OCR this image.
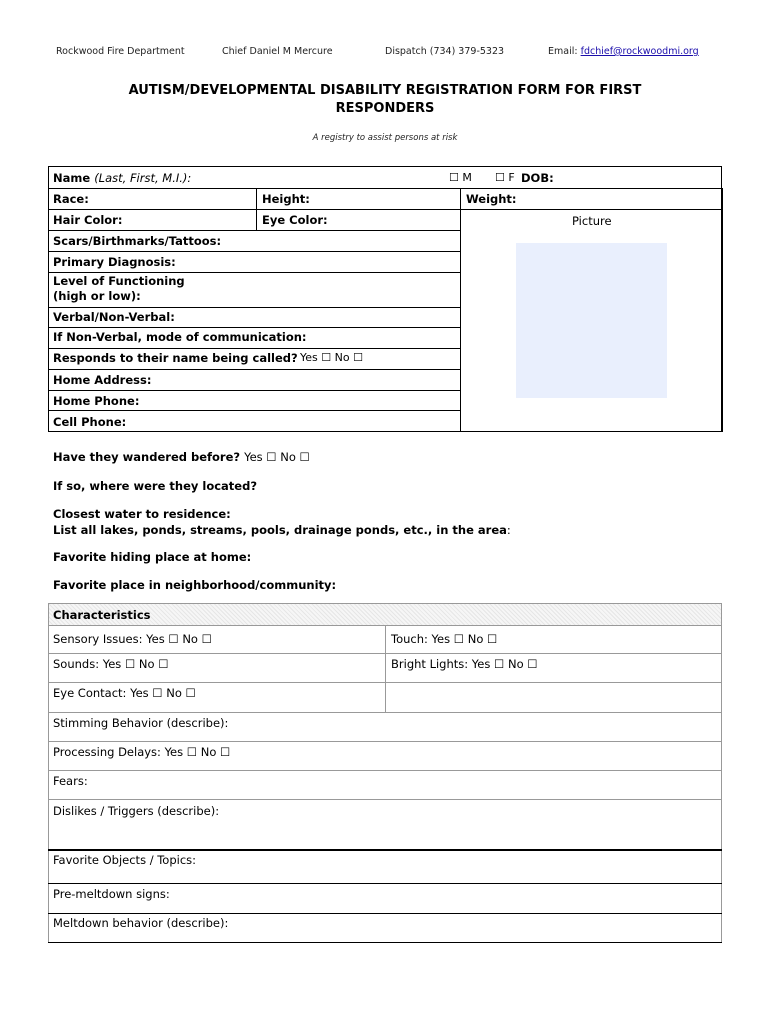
Rockwood Fire Department	Chief Daniel M Mercure	Dispatch (734) 379-5323	Email: fdchief@rockwoodmi.org
AUTISM/DEVELOPMENTAL DISABILITY REGISTRATION FORM FOR FIRST
RESPONDERS
A registry to assist persons at risk
Name (Last, First, M.I.):	☐ M ☐ F DOB:
Race:	Height:	Weight:
Hair Color:	Eye Color:	Picture
Scars/Birthmarks/Tattoos:
Primary Diagnosis:
Level of Functioning
(high or low):
Verbal/Non-Verbal:
If Non-Verbal, mode of communication:
Responds to their name being called? Yes ☐ No ☐
Home Address:
Home Phone:
Cell Phone:
Have they wandered before? Yes ☐ No ☐
If so, where were they located?
Closest water to residence:
List all lakes, ponds, streams, pools, drainage ponds, etc., in the area:
Favorite hiding place at home:
Favorite place in neighborhood/community:
Characteristics
Sensory Issues: Yes ☐ No ☐	Touch: Yes ☐ No ☐
Sounds: Yes ☐ No ☐	Bright Lights: Yes ☐ No ☐
Eye Contact: Yes ☐ No ☐
Stimming Behavior (describe):
Processing Delays: Yes ☐ No ☐
Fears:
Dislikes / Triggers (describe):
Favorite Objects / Topics:
Pre-meltdown signs:
Meltdown behavior (describe):
